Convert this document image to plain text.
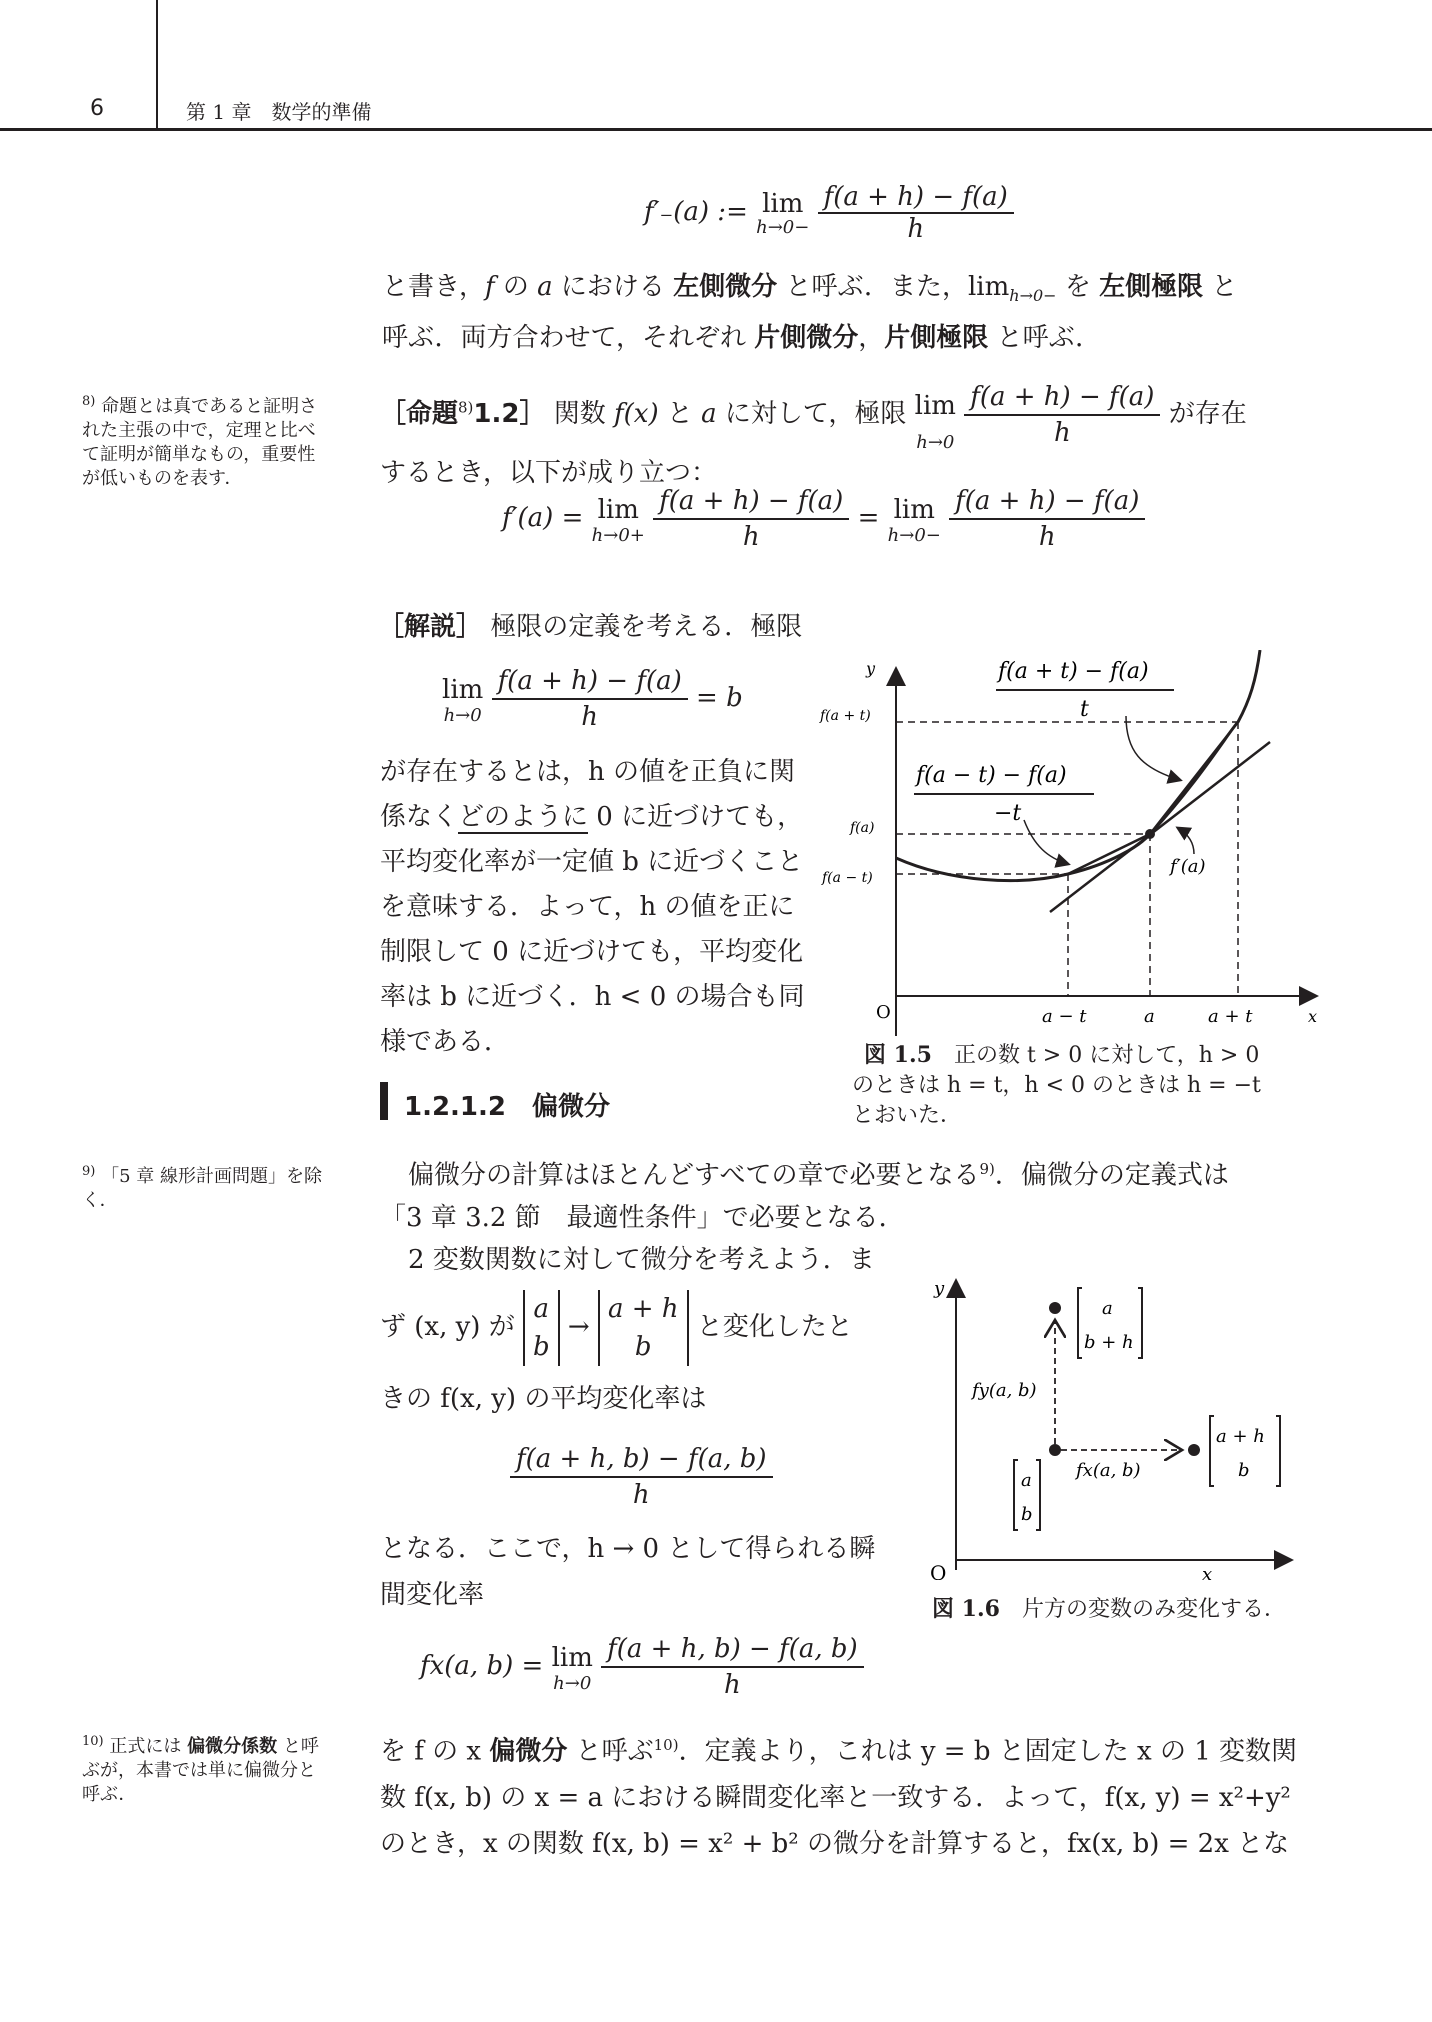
6	第 1 章　数学的準備
f′₋(a) := lim
h→0−
$\frac{f(a + h) - f(a)}{h}$
と書き，f の a における 左側微分 と呼ぶ．また，$\lim_{h\to 0-}$ を 左側極限 と
呼ぶ．両方合わせて，それぞれ 片側微分，片側極限 と呼ぶ．
$^{8)}$ 命題とは真であると証明された主張の中で，定理と比べて証明が簡単なもの，重要性が低いものを表す．
［命題$^{8)}$1.2］ 関数 f(x) と a に対して，極限 lim
h→0
$\frac{f(a + h) - f(a)}{h}$ が存在
するとき，以下が成り立つ：
f′(a) = lim
h→0+
$\frac{f(a + h) - f(a)}{h} = \lim$
h→0−
$\frac{f(a + h) - f(a)}{h}$
［解説］ 極限の定義を考える．極限
lim
h→0
$\frac{f(a + h) - f(a)}{h} = b$
が存在するとは，h の値を正負に関
係なくどのように 0 に近づけても，
平均変化率が一定値 b に近づくこと
を意味する．よって，h の値を正に
制限して 0 に近づけても，平均変化
率は b に近づく．h < 0 の場合も同
様である．
y
x
O
f(a + t)
f(a)
f(a − t)
a − t	a	a + t
f(a + t) − f(a)
t
f(a − t) − f(a)
−t
f′(a)
図 1.5　 正の数 t > 0 に対して，h > 0
のときは h = t，h < 0 のときは h = −t
とおいた．
1.2.1.2　 偏微分
$^{9)}$ 「5 章 線形計画問題」を除く．
偏微分の計算はほとんどすべての章で必要となる$^{9)}$．偏微分の定義式は
「3 章 3.2 節　最適性条件」で必要となる．
2 変数関数に対して微分を考えよう．ま
ず (x, y) が
a
b
→
a + h
b
と変化したと
きの f(x, y) の平均変化率は
$\frac{f(a + h, b) - f(a, b)}{h}$
となる．ここで，h → 0 として得られる瞬
間変化率
y
x
O
a
b
a
b + h
a + h
b
fy(a, b)
fx(a, b)
図 1.6　 片方の変数のみ変化する．
fx(a, b) = lim
h→0
$\frac{f(a + h, b) - f(a, b)}{h}$
$^{10)}$ 正式には 偏微分係数 と呼ぶが，本書では単に偏微分と呼ぶ．
を f の x 偏微分 と呼ぶ$^{10)}$．定義より，これは y = b と固定した x の 1 変数関
数 f(x, b) の x = a における瞬間変化率と一致する．よって，f(x, y) = x²+y²
のとき，x の関数 f(x, b) = x² + b² の微分を計算すると，fx(x, b) = 2x とな
